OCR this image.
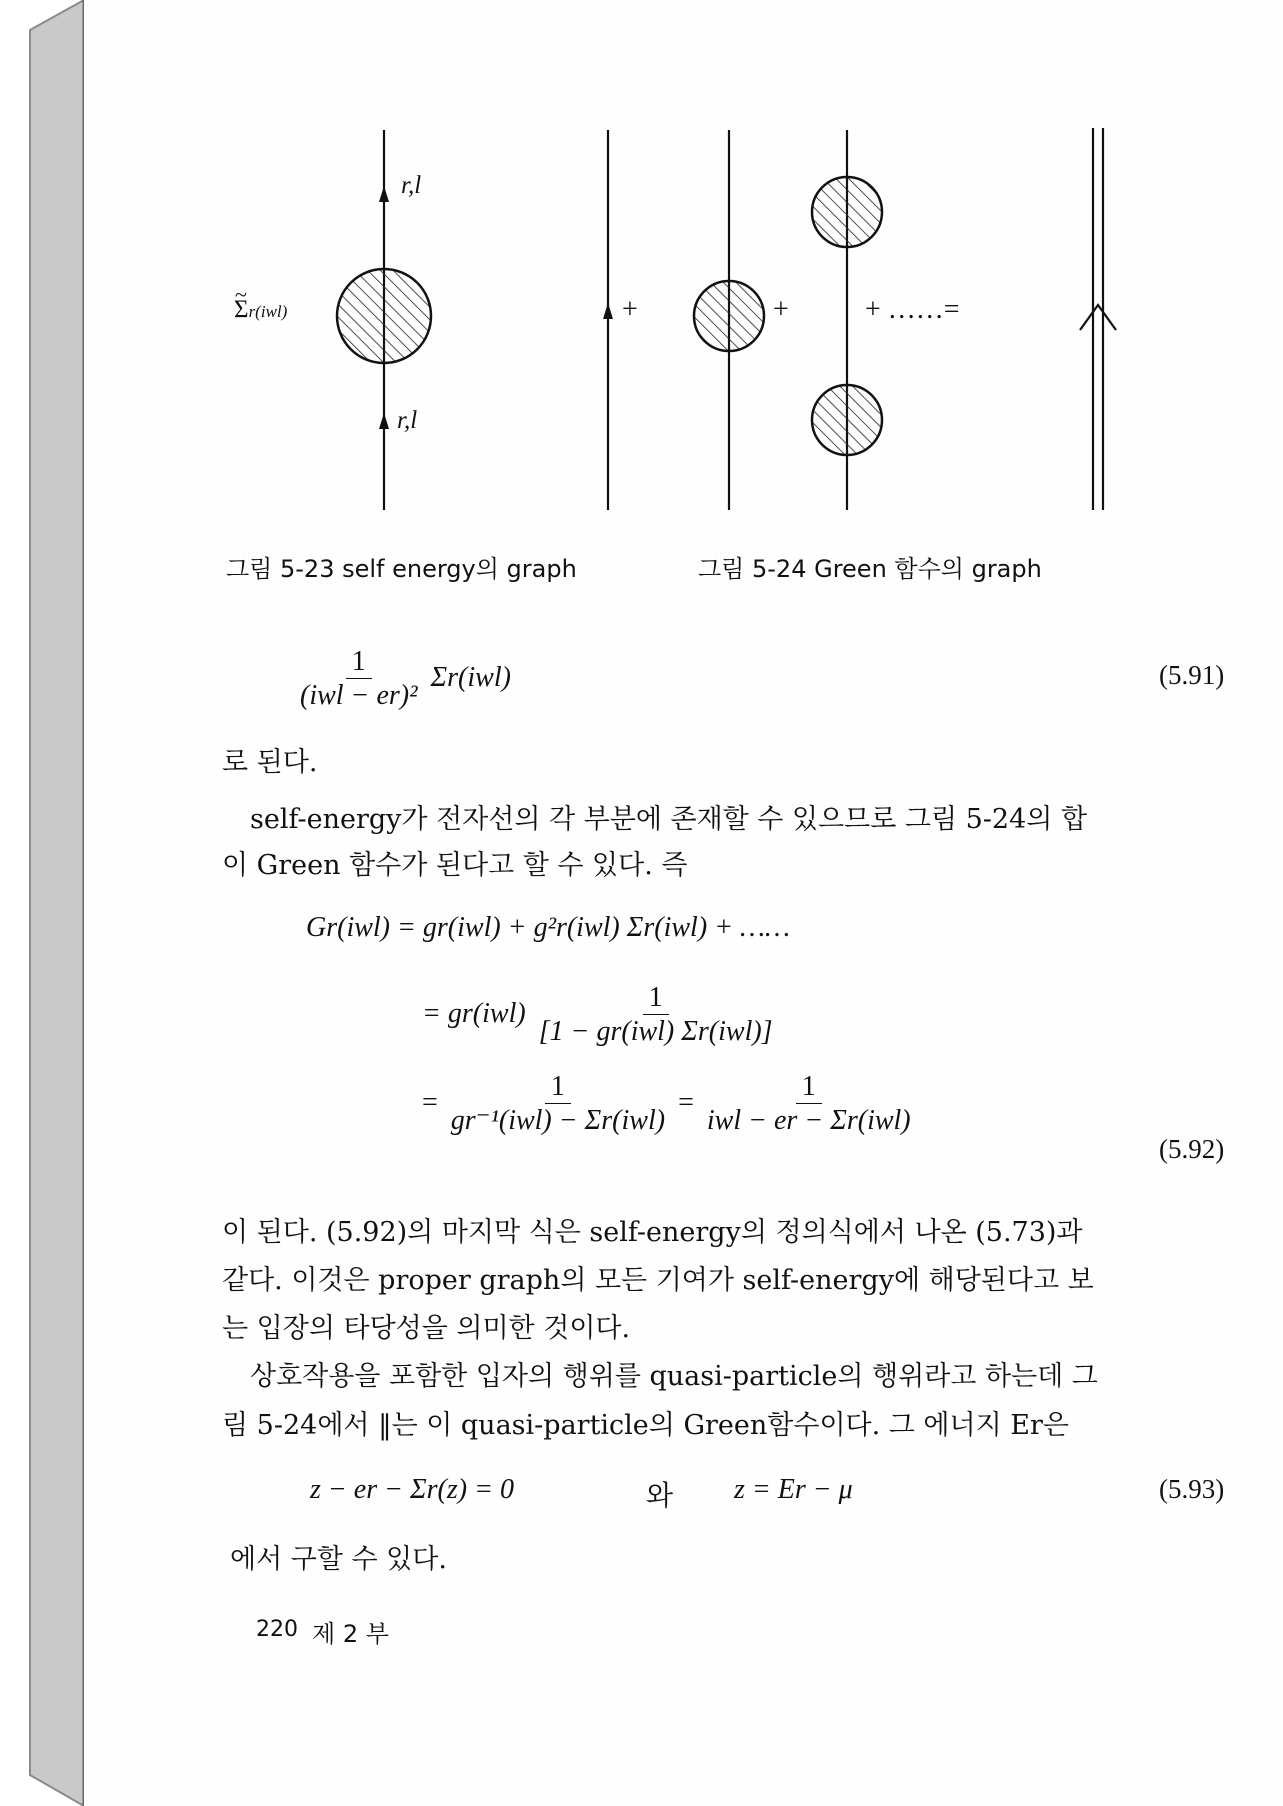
r,l
r,l
~ Σr(iwl)	+	+	+ ……=
그림 5-23 self energy의 graph	그림 5-24 Green 함수의 graph
$\frac{1}{\text{(iwl − er)²}} \Sigma r(iwl)$	(5.91)
로 된다.
self-energy가 전자선의 각 부분에 존재할 수 있으므로 그림 5-24의 합
이 Green 함수가 된다고 할 수 있다. 즉
Gr(iwl) = gr(iwl) + g²r(iwl) Σr(iwl) + ……
= $gr(iwl) \frac{1}{\text{[1 − gr(iwl) Σr(iwl)]}}$
= $\frac{1}{\text{gr⁻¹(iwl) − Σr(iwl)}} = \frac{1}{\text{iwl − er − Σr(iwl)}}$
(5.92)
이 된다. (5.92)의 마지막 식은 self-energy의 정의식에서 나온 (5.73)과
같다. 이것은 proper graph의 모든 기여가 self-energy에 해당된다고 보
는 입장의 타당성을 의미한 것이다.
상호작용을 포함한 입자의 행위를 quasi-particle의 행위라고 하는데 그
림 5-24에서 ‖는 이 quasi-particle의 Green함수이다. 그 에너지 Er은
z − er − Σr(z) = 0	와 z = Er − μ	(5.93)
에서 구할 수 있다.
220 제 2 부
